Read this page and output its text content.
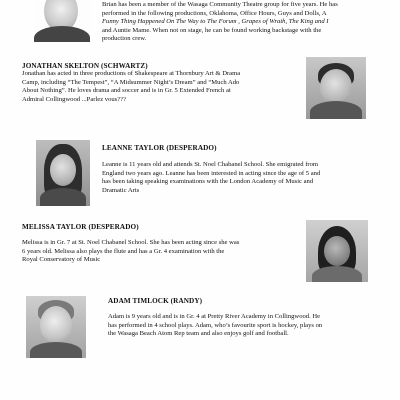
Brian has been a member of the Wasaga Community Theatre group for five years. He has
performed in the following productions, Oklahoma, Office Hours, Guys and Dolls, A
Funny Thing Happened On The Way to The Forum , Grapes of Wrath, The King and I
and Auntie Mame. When not on stage, he can be found working backstage with the
production crew.
JONATHAN SKELTON (SCHWARTZ)
Jonathan has acted in three productions of Shakespeare at Thornbury Art & Drama
Camp, including “The Tempest”, “A Midsummer Night’s Dream” and “Much Ado
About Nothing”. He loves drama and soccer and is in Gr. 5 Extended French at
Admiral Collingwood ...Parlez vous???
LEANNE TAYLOR (DESPERADO)
Leanne is 11 years old and attends St. Noel Chabanel School. She emigrated from
England two years ago. Leanne has been interested in acting since the age of 5 and
has been taking speaking examinations with the London Academy of Music and
Dramatic Arts
MELISSA TAYLOR (DESPERADO)
Melissa is in Gr. 7 at St. Noel Chabanel School. She has been acting since she was
6 years old. Melissa also plays the flute and has a Gr. 4 examination with the
Royal Conservatory of Music
ADAM TIMLOCK (RANDY)
Adam is 9 years old and is in Gr. 4 at Pretty River Academy in Collingwood. He
has performed in 4 school plays. Adam, who’s favourite sport is hockey, plays on
the Wasaga Beach Atom Rep team and also enjoys golf and football.
